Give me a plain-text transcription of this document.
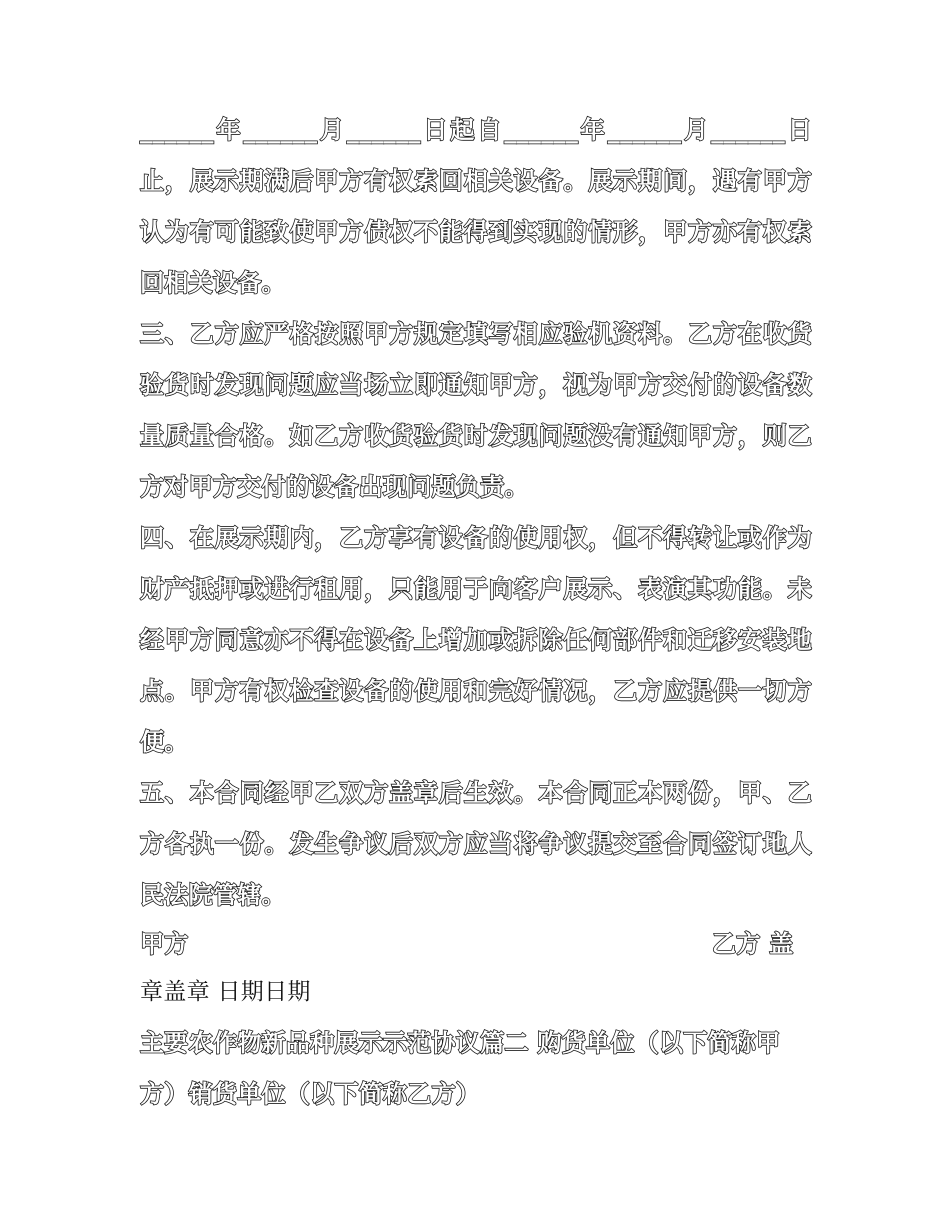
______年______月______日起自______年______月______日
止，展示期满后甲方有权索回相关设备。展示期间，遇有甲方
认为有可能致使甲方债权不能得到实现的情形，甲方亦有权索
回相关设备。
三、乙方应严格按照甲方规定填写相应验机资料。乙方在收货
验货时发现问题应当场立即通知甲方，视为甲方交付的设备数
量质量合格。如乙方收货验货时发现问题没有通知甲方，则乙
方对甲方交付的设备出现问题负责。
四、在展示期内，乙方享有设备的使用权，但不得转让或作为
财产抵押或进行租用，只能用于向客户展示、表演其功能。未
经甲方同意亦不得在设备上增加或拆除任何部件和迁移安装地
点。甲方有权检查设备的使用和完好情况，乙方应提供一切方
便。
五、本合同经甲乙双方盖章后生效。本合同正本两份，甲、乙
方各执一份。发生争议后双方应当将争议提交至合同签订地人
民法院管辖。
甲方	乙方 盖
章盖章 日期日期
主要农作物新品种展示示范协议篇二 购货单位（以下简称甲
方）销货单位（以下简称乙方）
